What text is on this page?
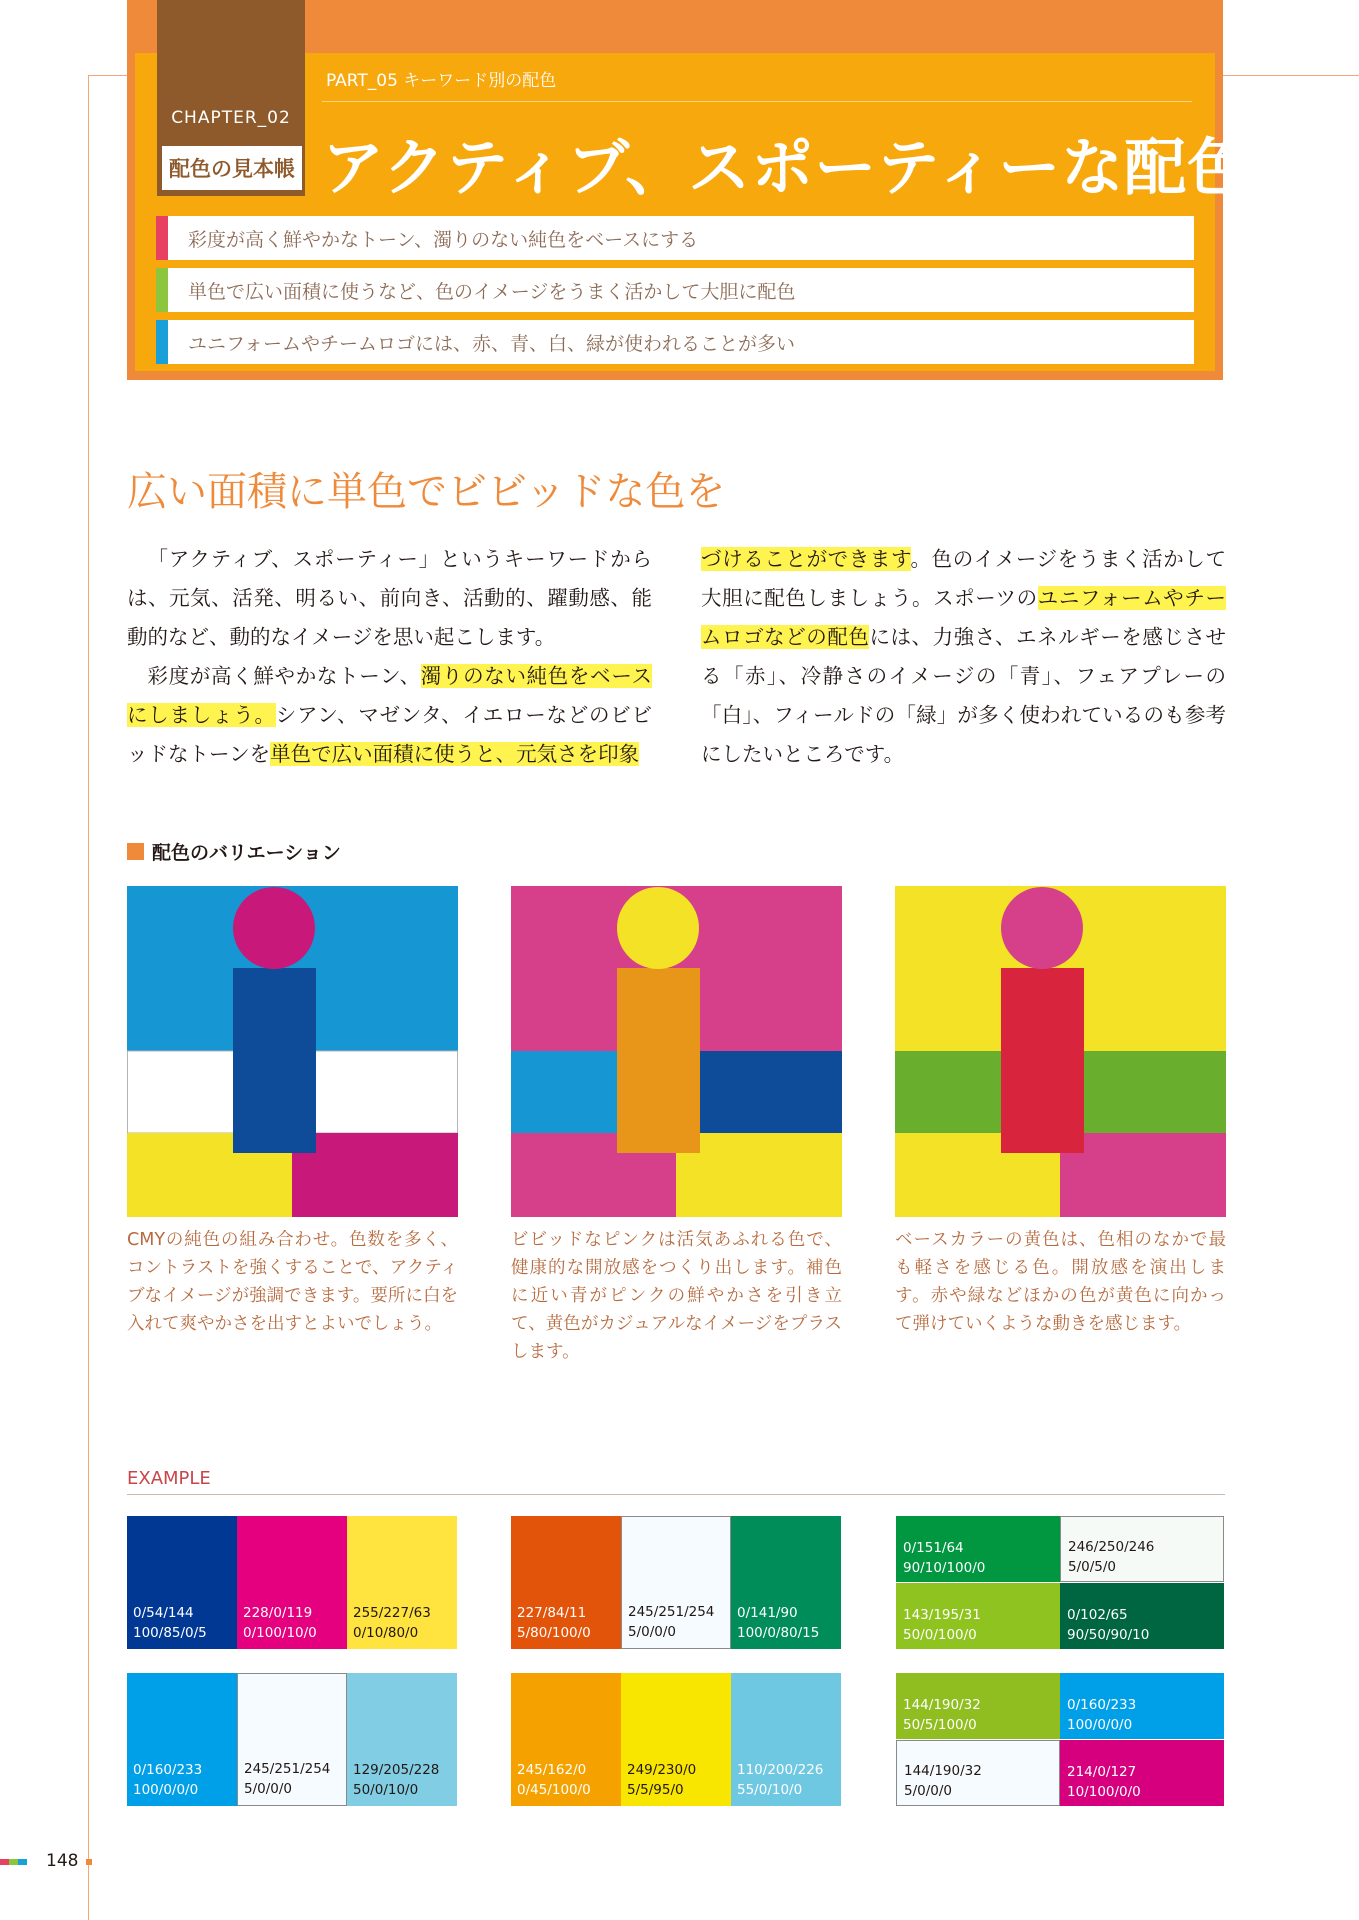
CHAPTER_02
配色の見本帳
PART_05 キーワード別の配色
アクティブ、スポーティーな配色
彩度が高く鮮やかなトーン、濁りのない純色をベースにする
単色で広い面積に使うなど、色のイメージをうまく活かして大胆に配色
ユニフォームやチームロゴには、赤、青、白、緑が使われることが多い
広い面積に単色でビビッドな色を

「アクティブ、スポーティー」というキーワードからは、元気、活発、明るい、前向き、活動的、躍動感、能動的など、動的なイメージを思い起こします。

彩度が高く鮮やかなトーン、濁りのない純色をベースにしましょう。シアン、マゼンタ、イエローなどのビビッドなトーンを単色で広い面積に使うと、元気さを印象

づけることができます。色のイメージをうまく活かして大胆に配色しましょう。スポーツのユニフォームやチームロゴなどの配色には、力強さ、エネルギーを感じさせる「赤」、冷静さのイメージの「青」、フェアプレーの「白」、フィールドの「緑」が多く使われているのも参考にしたいところです。

配色のバリエーション
CMYの純色の組み合わせ。色数を多く、コントラストを強くすることで、アクティブなイメージが強調できます。要所に白を入れて爽やかさを出すとよいでしょう。
ビビッドなピンクは活気あふれる色で、健康的な開放感をつくり出します。補色に近い青がピンクの鮮やかさを引き立て、黄色がカジュアルなイメージをプラスします。
ベースカラーの黄色は、色相のなかで最も軽さを感じる色。開放感を演出します。赤や緑などほかの色が黄色に向かって弾けていくような動きを感じます。
EXAMPLE
0/54/144
100/85/0/5
228/0/119
0/100/10/0
255/227/63
0/10/80/0
227/84/11
5/80/100/0
245/251/254
5/0/0/0
0/141/90
100/0/80/15
0/160/233
100/0/0/0
245/251/254
5/0/0/0
129/205/228
50/0/10/0
245/162/0
0/45/100/0
249/230/0
5/5/95/0
110/200/226
55/0/10/0
0/151/64
90/10/100/0
246/250/246
5/0/5/0
143/195/31
50/0/100/0
0/102/65
90/50/90/10
144/190/32
50/5/100/0
0/160/233
100/0/0/0
144/190/32
5/0/0/0
214/0/127
10/100/0/0
148
